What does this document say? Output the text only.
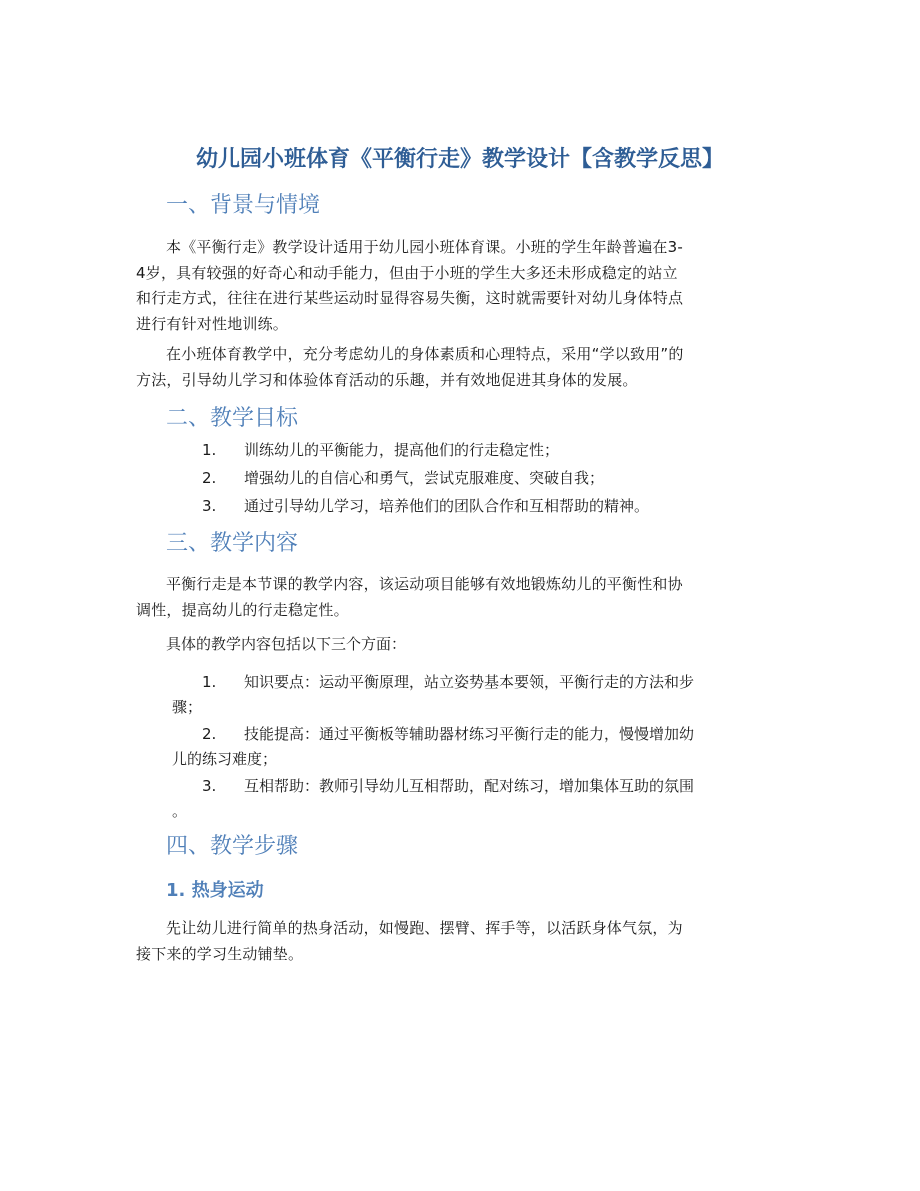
幼儿园小班体育《平衡行走》教学设计【含教学反思】
一、背景与情境
本《平衡行走》教学设计适用于幼儿园小班体育课。小班的学生年龄普遍在3-
4岁，具有较强的好奇心和动手能力，但由于小班的学生大多还未形成稳定的站立
和行走方式，往往在进行某些运动时显得容易失衡，这时就需要针对幼儿身体特点
进行有针对性地训练。
在小班体育教学中，充分考虑幼儿的身体素质和心理特点，采用“学以致用”的
方法，引导幼儿学习和体验体育活动的乐趣，并有效地促进其身体的发展。
二、教学目标
1.	训练幼儿的平衡能力，提高他们的行走稳定性；
2.	增强幼儿的自信心和勇气，尝试克服难度、突破自我；
3.	通过引导幼儿学习，培养他们的团队合作和互相帮助的精神。
三、教学内容
平衡行走是本节课的教学内容，该运动项目能够有效地锻炼幼儿的平衡性和协
调性，提高幼儿的行走稳定性。
具体的教学内容包括以下三个方面：
1.	知识要点：运动平衡原理，站立姿势基本要领，平衡行走的方法和步
骤；
2.	技能提高：通过平衡板等辅助器材练习平衡行走的能力，慢慢增加幼
儿的练习难度；
3.	互相帮助：教师引导幼儿互相帮助，配对练习，增加集体互助的氛围
。
四、教学步骤
1. 热身运动
先让幼儿进行简单的热身活动，如慢跑、摆臂、挥手等，以活跃身体气氛，为
接下来的学习生动铺垫。
